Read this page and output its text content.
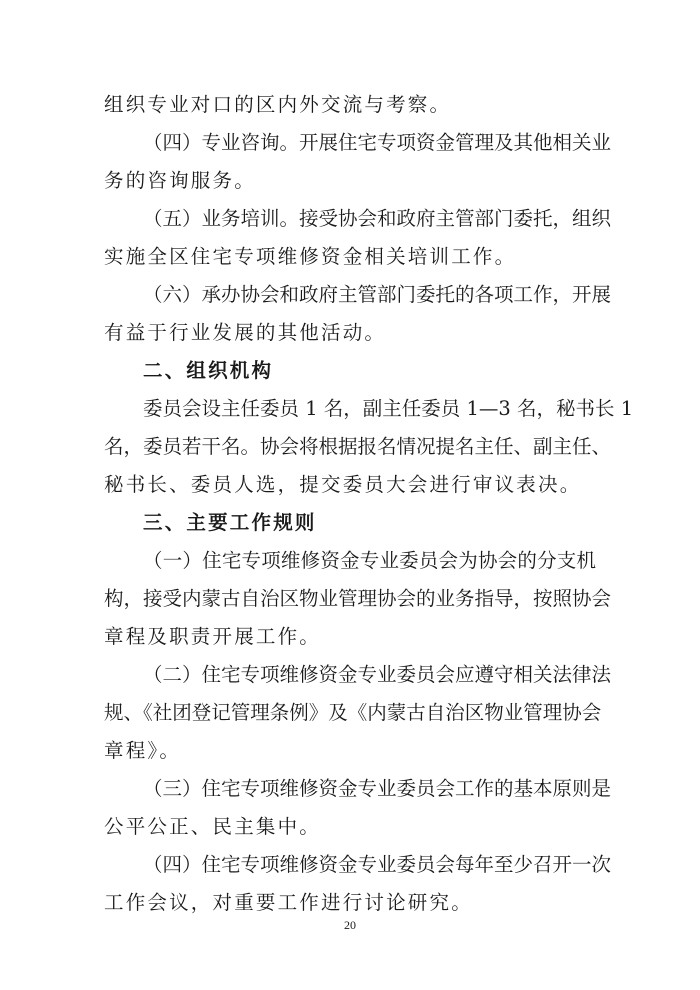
组织专业对口的区内外交流与考察。
（四）专业咨询。开展住宅专项资金管理及其他相关业
务的咨询服务。
（五）业务培训。接受协会和政府主管部门委托，组织
实施全区住宅专项维修资金相关培训工作。
（六）承办协会和政府主管部门委托的各项工作，开展
有益于行业发展的其他活动。
二、组织机构
委员会设主任委员 1 名，副主任委员 1—3 名，秘书长 1
名，委员若干名。协会将根据报名情况提名主任、副主任、
秘书长、委员人选，提交委员大会进行审议表决。
三、主要工作规则
（一）住宅专项维修资金专业委员会为协会的分支机
构，接受内蒙古自治区物业管理协会的业务指导，按照协会
章程及职责开展工作。
（二）住宅专项维修资金专业委员会应遵守相关法律法
规、《社团登记管理条例》及《内蒙古自治区物业管理协会
章程》。
（三）住宅专项维修资金专业委员会工作的基本原则是
公平公正、民主集中。
（四）住宅专项维修资金专业委员会每年至少召开一次
工作会议，对重要工作进行讨论研究。
20
